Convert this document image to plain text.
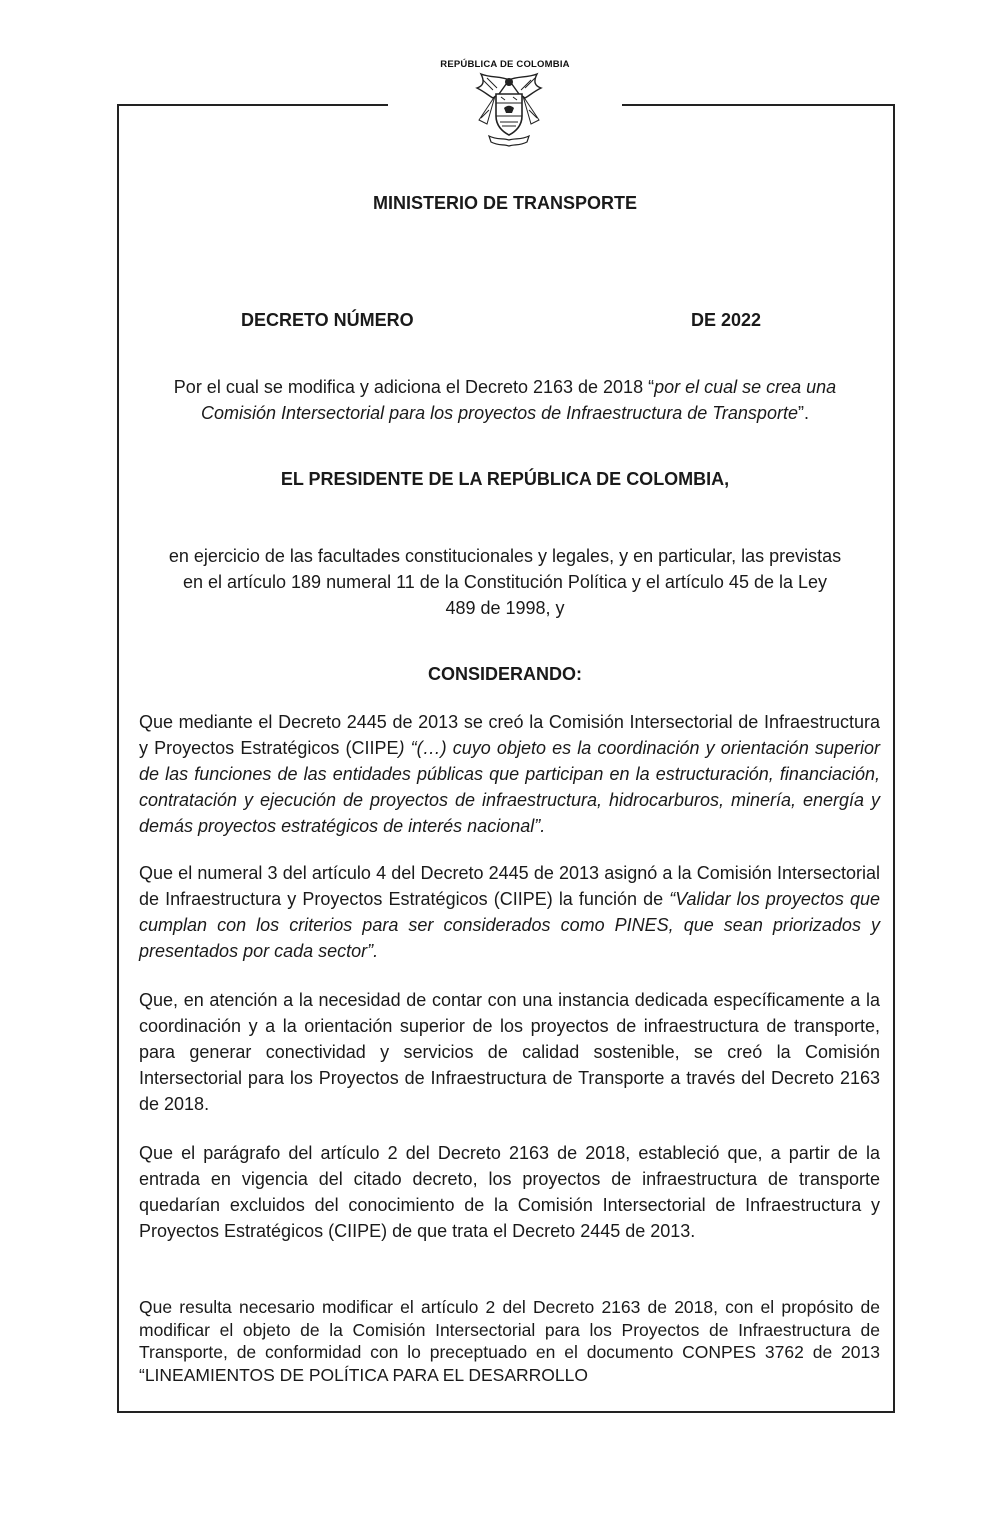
REPÚBLICA DE COLOMBIA
MINISTERIO DE TRANSPORTE
DECRETO NÚMERO	DE 2022
Por el cual se modifica y adiciona el Decreto 2163 de 2018 “por el cual se crea una
Comisión Intersectorial para los proyectos de Infraestructura de Transporte”.
EL PRESIDENTE DE LA REPÚBLICA DE COLOMBIA,
en ejercicio de las facultades constitucionales y legales, y en particular, las previstas
en el artículo 189 numeral 11 de la Constitución Política y el artículo 45 de la Ley
489 de 1998, y
CONSIDERANDO:

Que mediante el Decreto 2445 de 2013 se creó la Comisión Intersectorial de Infraestructura y Proyectos Estratégicos (CIIPE) “(…) cuyo objeto es la coordinación y orientación superior de las funciones de las entidades públicas que participan en la estructuración, financiación, contratación y ejecución de proyectos de infraestructura, hidrocarburos, minería, energía y demás proyectos estratégicos de interés nacional”.

Que el numeral 3 del artículo 4 del Decreto 2445 de 2013 asignó a la Comisión Intersectorial de Infraestructura y Proyectos Estratégicos (CIIPE) la función de “Validar los proyectos que cumplan con los criterios para ser considerados como PINES, que sean priorizados y presentados por cada sector”.

Que, en atención a la necesidad de contar con una instancia dedicada específicamente a la coordinación y a la orientación superior de los proyectos de infraestructura de transporte, para generar conectividad y servicios de calidad sostenible, se creó la Comisión Intersectorial para los Proyectos de Infraestructura de Transporte a través del Decreto 2163 de 2018.

Que el parágrafo del artículo 2 del Decreto 2163 de 2018, estableció que, a partir de la entrada en vigencia del citado decreto, los proyectos de infraestructura de transporte quedarían excluidos del conocimiento de la Comisión Intersectorial de Infraestructura y Proyectos Estratégicos (CIIPE) de que trata el Decreto 2445 de 2013.

Que resulta necesario modificar el artículo 2 del Decreto 2163 de 2018, con el propósito de modificar el objeto de la Comisión Intersectorial para los Proyectos de Infraestructura de Transporte, de conformidad con lo preceptuado en el documento CONPES 3762 de 2013 “LINEAMIENTOS DE POLÍTICA PARA EL DESARROLLO
